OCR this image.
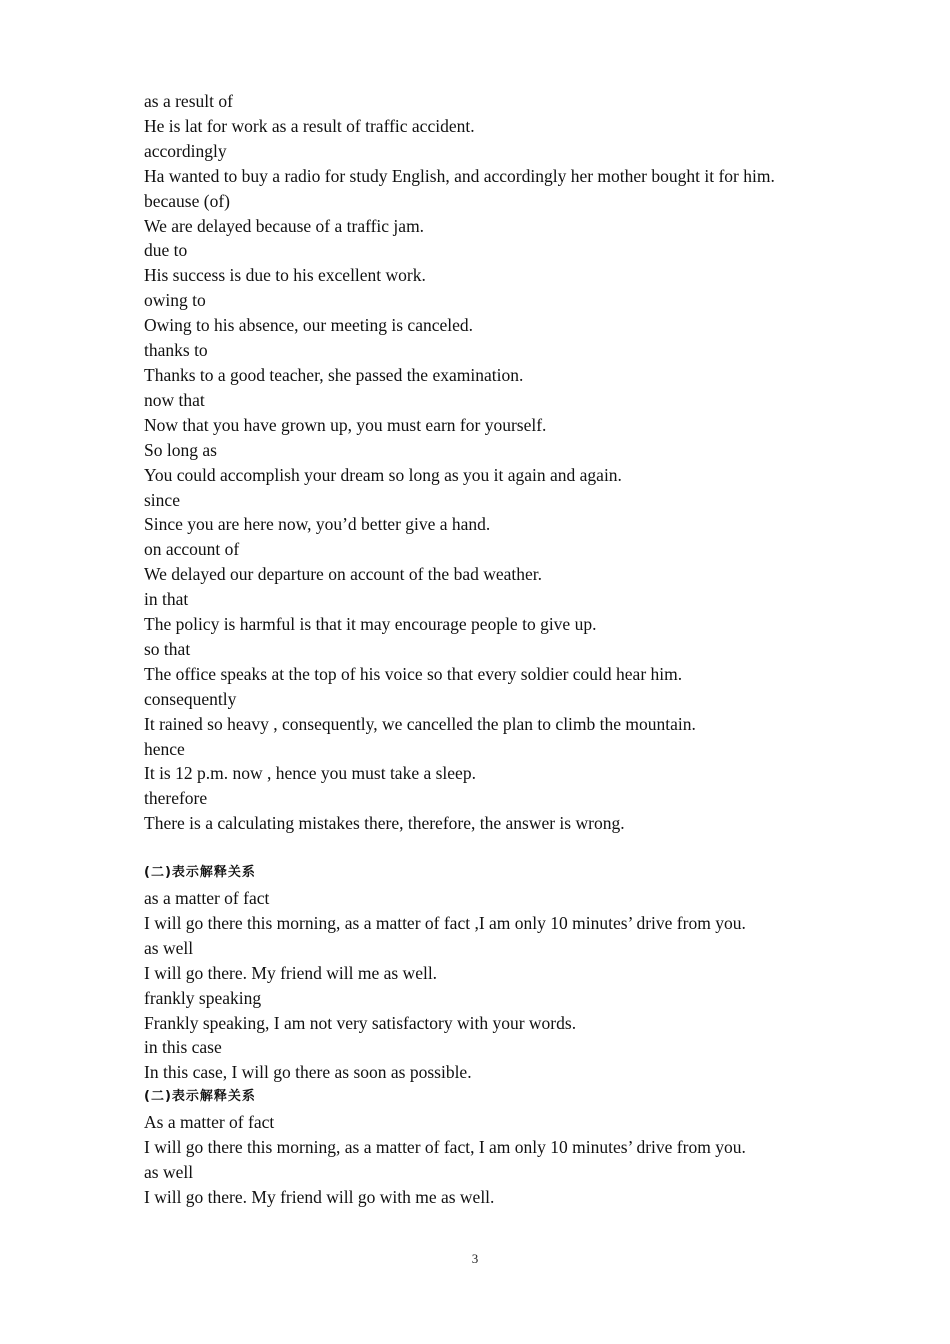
as a result of
He is lat for work as a result of traffic accident.
accordingly
Ha wanted to buy a radio for study English, and accordingly her mother bought it for him.
because (of)
We are delayed because of a traffic jam.
due to
His success is due to his excellent work.
owing to
Owing to his absence, our meeting is canceled.
thanks to
Thanks to a good teacher, she passed the examination.
now that
Now that you have grown up, you must earn for yourself.
So long as
You could accomplish your dream so long as you it again and again.
since
Since you are here now, you’d better give a hand.
on account of
We delayed our departure on account of the bad weather.
in that
The policy is harmful is that it may encourage people to give up.
so that
The office speaks at the top of his voice so that every soldier could hear him.
consequently
It rained so heavy , consequently, we cancelled the plan to climb the mountain.
hence
It is 12 p.m. now , hence you must take a sleep.
therefore
There is a calculating mistakes there, therefore, the answer is wrong.
(二)表示解释关系
as a matter of fact
I will go there this morning, as a matter of fact ,I am only 10 minutes’ drive from you.
as well
I will go there. My friend will me as well.
frankly speaking
Frankly speaking, I am not very satisfactory with your words.
in this case
In this case, I will go there as soon as possible.
(二)表示解释关系
As a matter of fact
I will go there this morning, as a matter of fact, I am only 10 minutes’ drive from you.
as well
I will go there. My friend will go with me as well.
3
